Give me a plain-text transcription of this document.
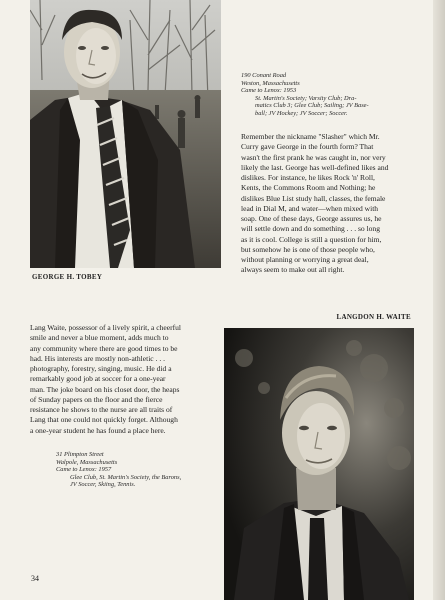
GEORGE H. TOBEY
190 Conant Road
Weston, Massachusetts
Came to Lenox: 1953
St. Martin's Society; Varsity Club; Dra-
matics Club 3; Glee Club; Sailing; JV Base-
ball; JV Hockey; JV Soccer; Soccer.
Remember the nickname "Slasher" which Mr.
Curry gave George in the fourth form? That
wasn't the first prank he was caught in, nor very
likely the last. George has well-defined likes and
dislikes. For instance, he likes Rock 'n' Roll,
Kents, the Commons Room and Nothing; he
dislikes Blue List study hall, classes, the female
lead in Dial M, and water—when mixed with
soap. One of these days, George assures us, he
will settle down and do something . . . so long
as it is cool. College is still a question for him,
but somehow he is one of those people who,
without planning or worrying a great deal,
always seem to make out all right.
LANGDON H. WAITE
Lang Waite, possessor of a lively spirit, a cheerful
smile and never a blue moment, adds much to
any community where there are good times to be
had. His interests are mostly non-athletic . . .
photography, forestry, singing, music. He did a
remarkably good job at soccer for a one-year
man. The joke board on his closet door, the heaps
of Sunday papers on the floor and the fierce
resistance he shows to the nurse are all traits of
Lang that one could not quickly forget. Although
a one-year student he has found a place here.
31 Plimpton Street
Walpole, Massachusetts
Came to Lenox: 1957
Glee Club, St. Martin's Society, the Barons,
JV Soccer, Skiing, Tennis.
34
